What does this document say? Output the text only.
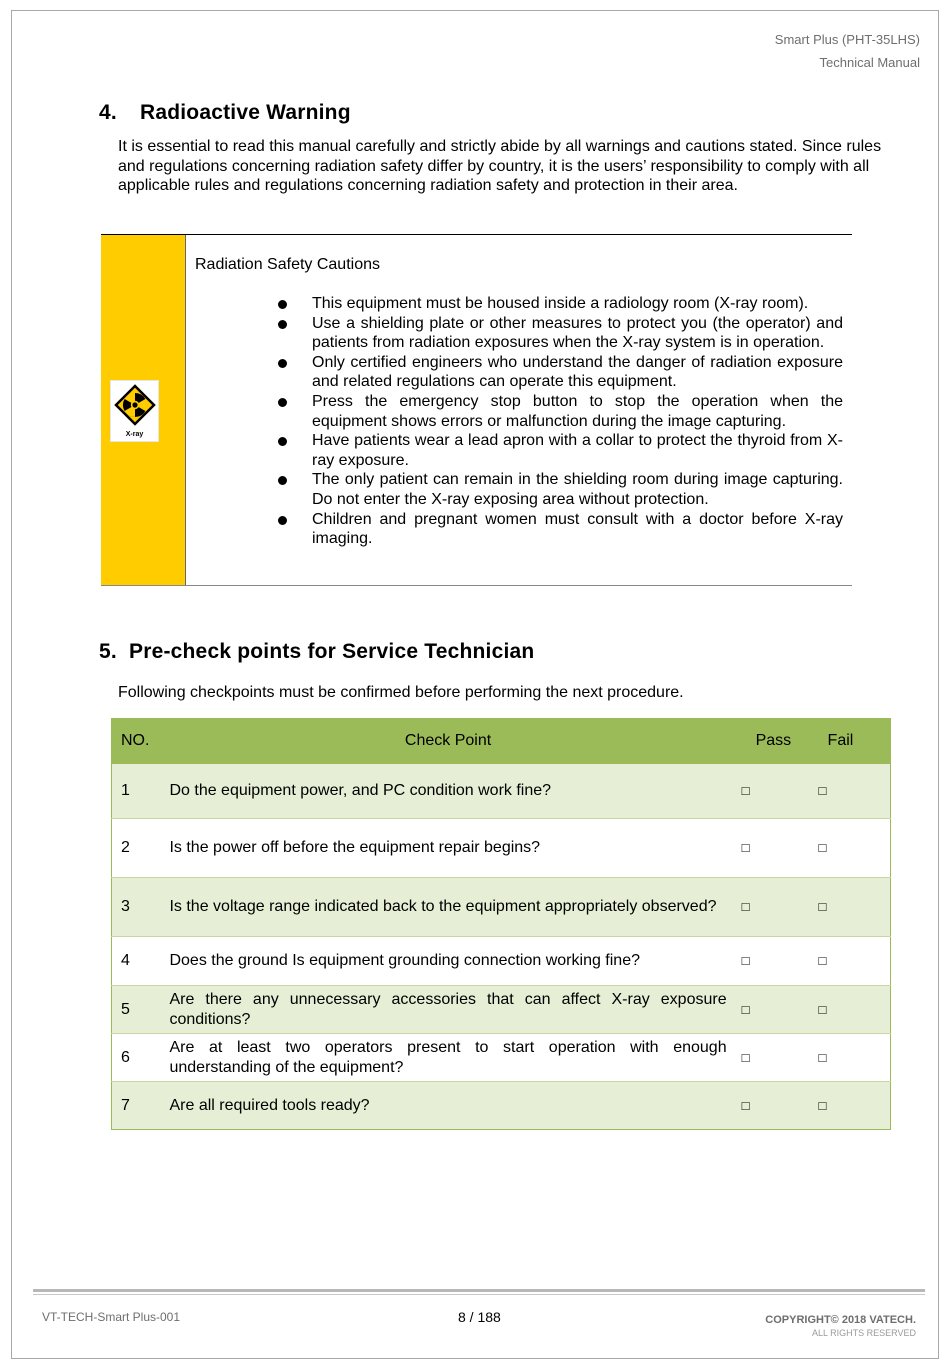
Smart Plus (PHT-35LHS)
Technical Manual
4. Radioactive Warning

It is essential to read this manual carefully and strictly abide by all warnings and cautions stated. Since rules and regulations concerning radiation safety differ by country, it is the users’ responsibility to comply with all applicable rules and regulations concerning radiation safety and protection in their area.

X-ray
Radiation Safety Cautions
This equipment must be housed inside a radiology room (X-ray room).
Use a shielding plate or other measures to protect you (the operator) and patients from radiation exposures when the X-ray system is in operation.
Only certified engineers who understand the danger of radiation exposure and related regulations can operate this equipment.
Press the emergency stop button to stop the operation when the equipment shows errors or malfunction during the image capturing.
Have patients wear a lead apron with a collar to protect the thyroid from X-ray exposure.
The only patient can remain in the shielding room during image capturing. Do not enter the X-ray exposing area without protection.
Children and pregnant women must consult with a doctor before X-ray imaging.
5. Pre-check points for Service Technician

Following checkpoints must be confirmed before performing the next procedure.

NO.	Check Point	Pass	Fail
1	Do the equipment power, and PC condition work fine?	□	□
2	Is the power off before the equipment repair begins?	□	□
3	Is the voltage range indicated back to the equipment appropriately observed?	□	□
4	Does the ground Is equipment grounding connection working fine?	□	□
5	Are there any unnecessary accessories that can affect X-ray exposure conditions?	□	□
6	Are at least two operators present to start operation with enough understanding of the equipment?	□	□
7	Are all required tools ready?	□	□
VT-TECH-Smart Plus-001	8 / 188	COPYRIGHT© 2018 VATECH.
ALL RIGHTS RESERVED
